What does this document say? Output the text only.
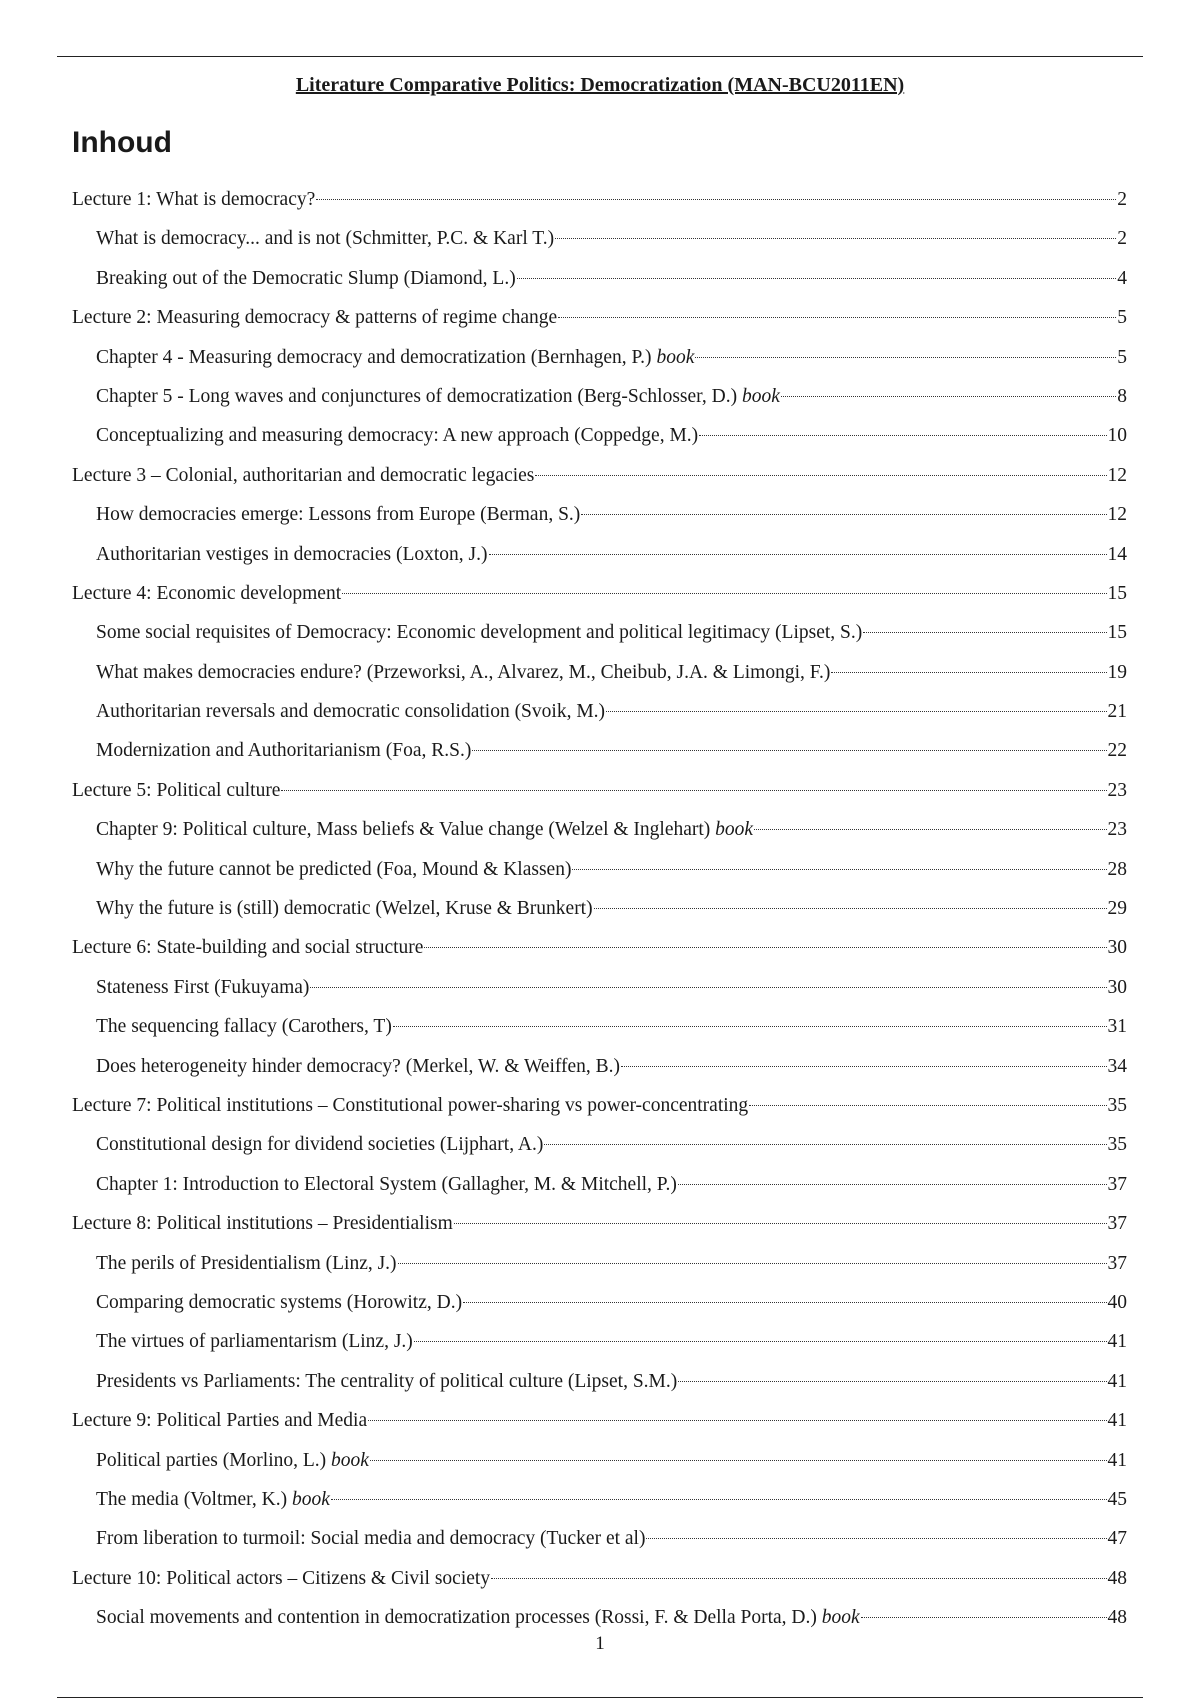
Literature Comparative Politics: Democratization (MAN-BCU2011EN)
Inhoud
Lecture 1: What is democracy?	2
What is democracy... and is not (Schmitter, P.C. & Karl T.)	2
Breaking out of the Democratic Slump (Diamond, L.)	4
Lecture 2: Measuring democracy & patterns of regime change	5
Chapter 4 - Measuring democracy and democratization (Bernhagen, P.) book	5
Chapter 5 - Long waves and conjunctures of democratization (Berg-Schlosser, D.) book	8
Conceptualizing and measuring democracy: A new approach (Coppedge, M.)	10
Lecture 3 – Colonial, authoritarian and democratic legacies	12
How democracies emerge: Lessons from Europe (Berman, S.)	12
Authoritarian vestiges in democracies (Loxton, J.)	14
Lecture 4: Economic development	15
Some social requisites of Democracy: Economic development and political legitimacy (Lipset, S.)	15
What makes democracies endure? (Przeworksi, A., Alvarez, M., Cheibub, J.A. & Limongi, F.)	19
Authoritarian reversals and democratic consolidation (Svoik, M.)	21
Modernization and Authoritarianism (Foa, R.S.)	22
Lecture 5: Political culture	23
Chapter 9: Political culture, Mass beliefs & Value change (Welzel & Inglehart) book	23
Why the future cannot be predicted (Foa, Mound & Klassen)	28
Why the future is (still) democratic (Welzel, Kruse & Brunkert)	29
Lecture 6: State-building and social structure	30
Stateness First (Fukuyama)	30
The sequencing fallacy (Carothers, T)	31
Does heterogeneity hinder democracy? (Merkel, W. & Weiffen, B.)	34
Lecture 7: Political institutions – Constitutional power-sharing vs power-concentrating	35
Constitutional design for dividend societies (Lijphart, A.)	35
Chapter 1: Introduction to Electoral System (Gallagher, M. & Mitchell, P.)	37
Lecture 8: Political institutions – Presidentialism	37
The perils of Presidentialism (Linz, J.)	37
Comparing democratic systems (Horowitz, D.)	40
The virtues of parliamentarism (Linz, J.)	41
Presidents vs Parliaments: The centrality of political culture (Lipset, S.M.)	41
Lecture 9: Political Parties and Media	41
Political parties (Morlino, L.) book	41
The media (Voltmer, K.) book	45
From liberation to turmoil: Social media and democracy (Tucker et al)	47
Lecture 10: Political actors – Citizens & Civil society	48
Social movements and contention in democratization processes (Rossi, F. & Della Porta, D.) book	48
1
